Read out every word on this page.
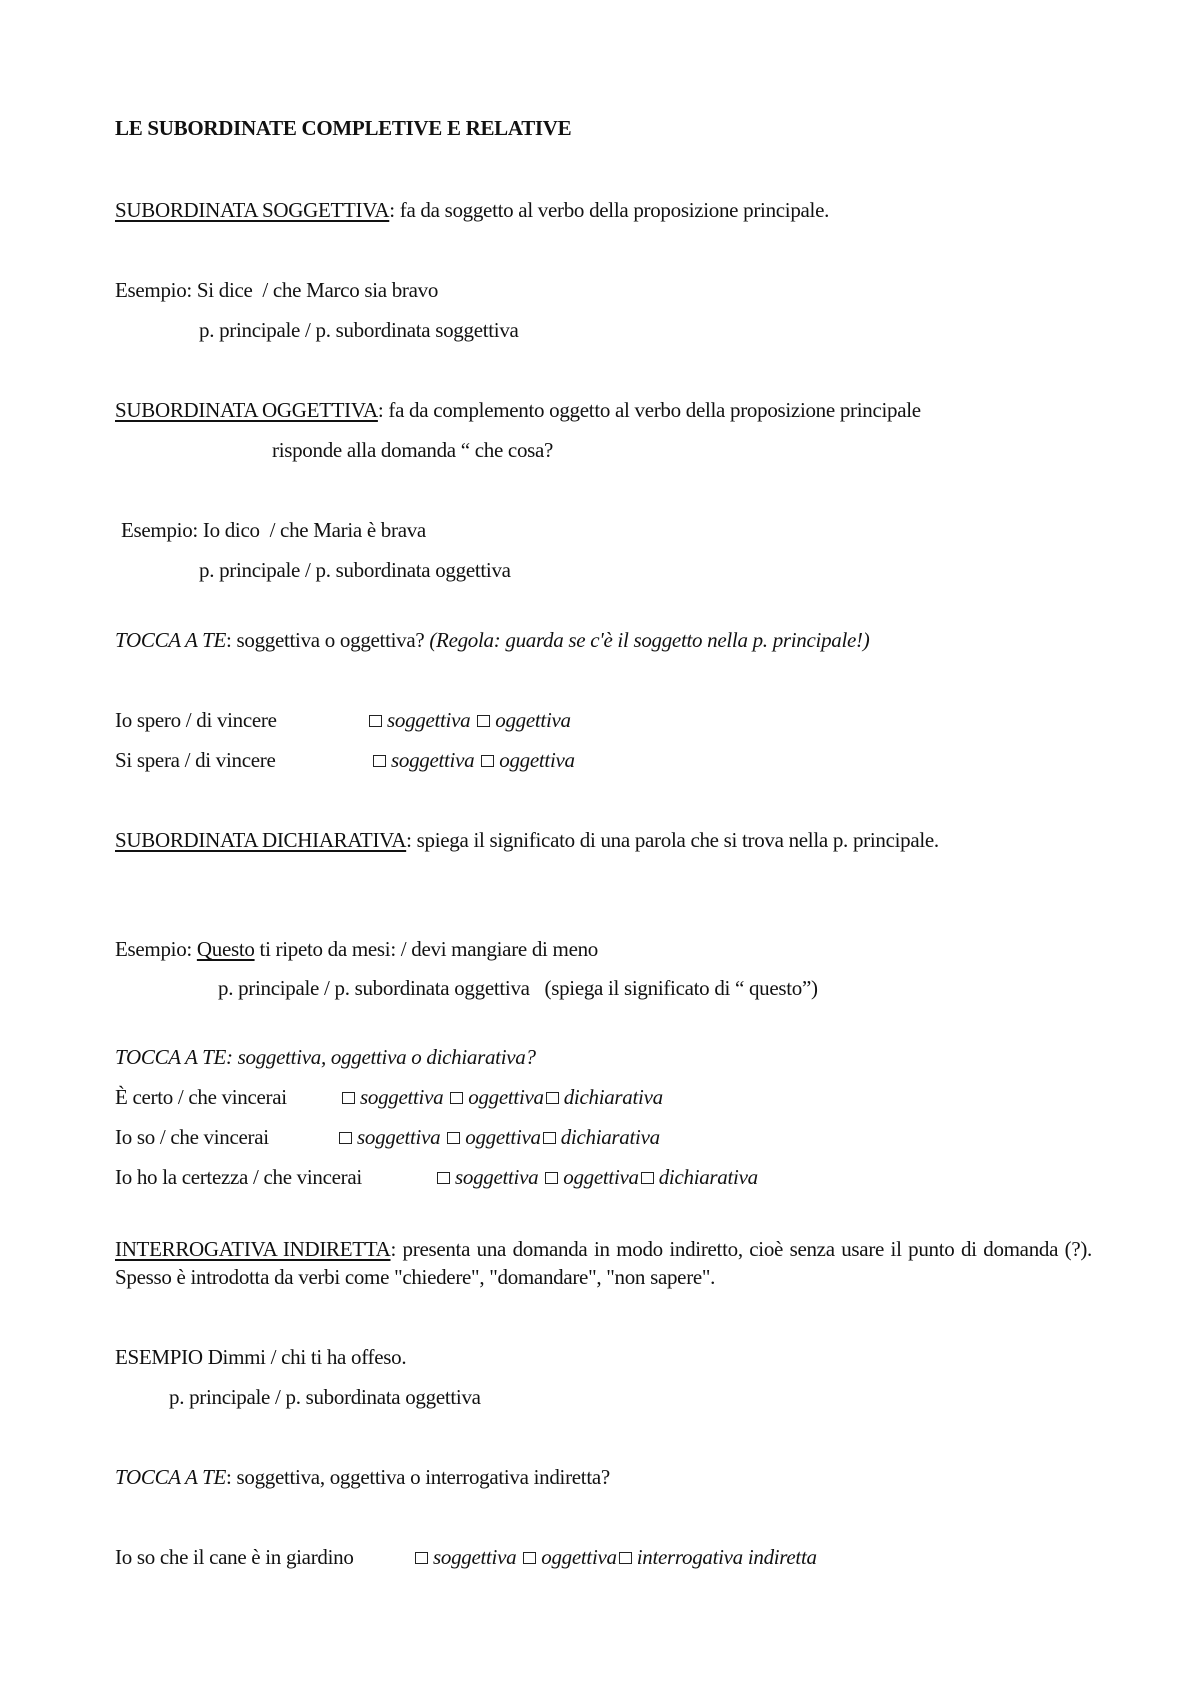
LE SUBORDINATE COMPLETIVE E RELATIVE
SUBORDINATA SOGGETTIVA: fa da soggetto al verbo della proposizione principale.
Esempio: Si dice  / che Marco sia bravo
p. principale / p. subordinata soggettiva
SUBORDINATA OGGETTIVA: fa da complemento oggetto al verbo della proposizione principale
risponde alla domanda “ che cosa?
Esempio: Io dico  / che Maria è brava
p. principale / p. subordinata oggettiva
TOCCA A TE: soggettiva o oggettiva? (Regola: guarda se c'è il soggetto nella p. principale!)
Io spero / di vincere	soggettiva oggettiva
Si spera / di vincere	soggettiva oggettiva
SUBORDINATA DICHIARATIVA: spiega il significato di una parola che si trova nella p. principale.
Esempio: Questo ti ripeto da mesi: / devi mangiare di meno
p. principale / p. subordinata oggettiva   (spiega il significato di “ questo”)
TOCCA A TE: soggettiva, oggettiva o dichiarativa?
È certo / che vincerai	soggettiva oggettiva dichiarativa
Io so / che vincerai	soggettiva oggettiva dichiarativa
Io ho la certezza / che vincerai	soggettiva oggettiva dichiarativa
INTERROGATIVA INDIRETTA: presenta una domanda in modo indiretto, cioè senza usare il punto di domanda (?). Spesso è introdotta da verbi come "chiedere", "domandare", "non sapere".
ESEMPIO Dimmi / chi ti ha offeso.
p. principale / p. subordinata oggettiva
TOCCA A TE: soggettiva, oggettiva o interrogativa indiretta?
Io so che il cane è in giardino	soggettiva oggettiva interrogativa indiretta
